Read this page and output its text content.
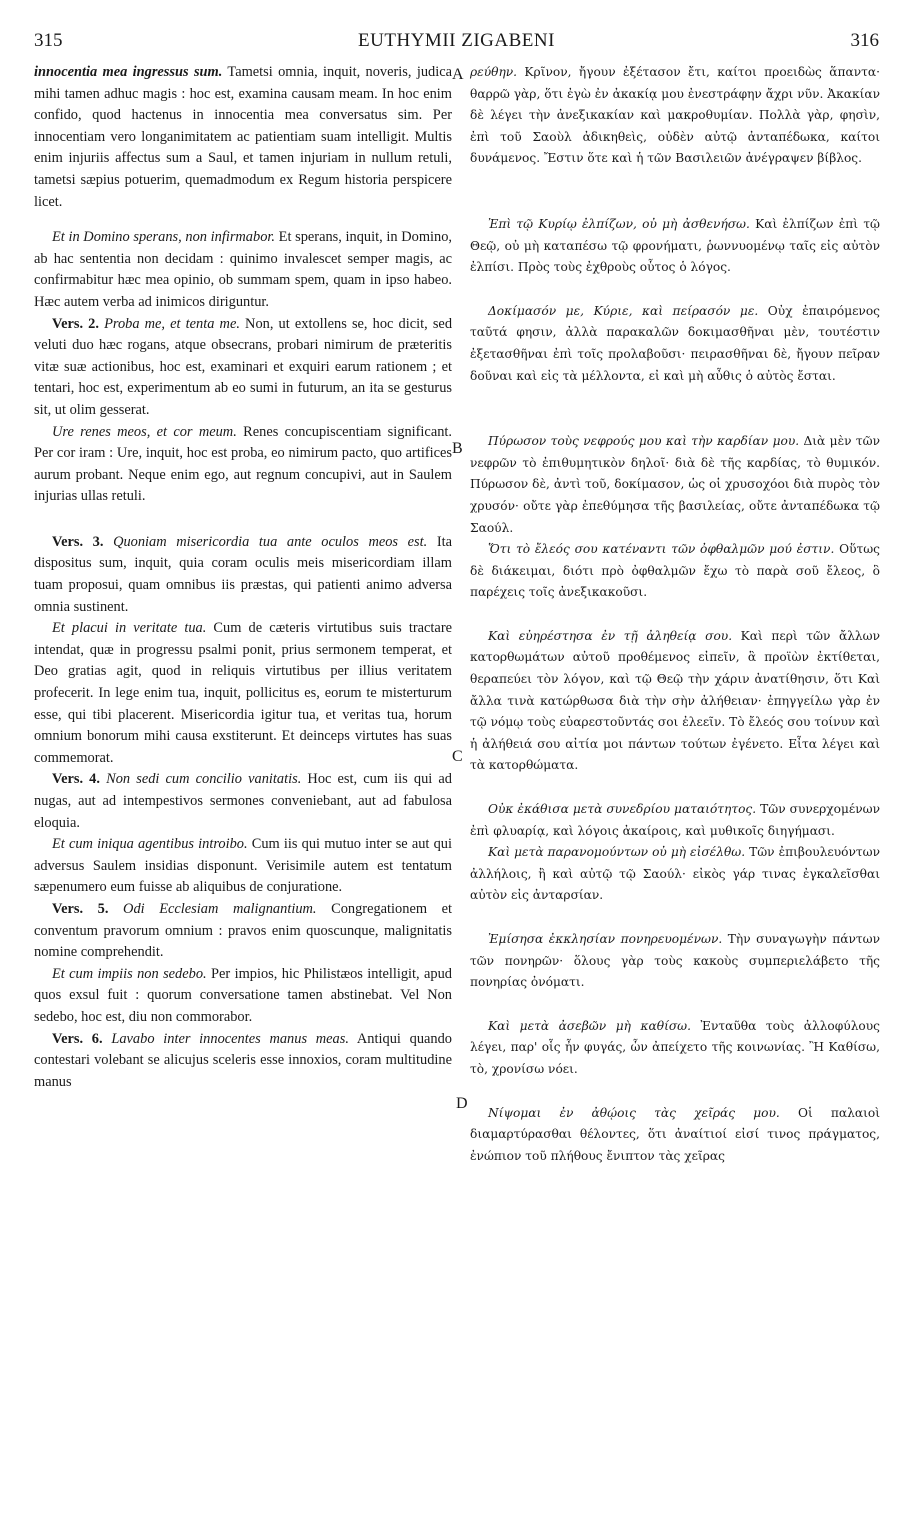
315	EUTHYMII ZIGABENI	316
A
B
C
D

innocentia mea ingressus sum. Tametsi omnia, inquit, noveris, judica mihi tamen adhuc magis : hoc est, examina causam meam. In hoc enim confido, quod hactenus in innocentia mea conversatus sim. Per innocentiam vero longanimitatem ac patientiam suam intelligit. Multis enim injuriis affectus sum a Saul, et tamen injuriam in nullum retuli, tametsi sæpius potuerim, quemadmodum ex Regum historia perspicere licet.

Et in Domino sperans, non infirmabor. Et sperans, inquit, in Domino, ab hac sententia non decidam : quinimo invalescet semper magis, ac confirmabitur hæc mea opinio, ob summam spem, quam in ipso habeo. Hæc autem verba ad inimicos diriguntur.

Vers. 2. Proba me, et tenta me. Non, ut extollens se, hoc dicit, sed veluti duo hæc rogans, atque obsecrans, probari nimirum de præteritis vitæ suæ actionibus, hoc est, examinari et exquiri earum rationem ; et tentari, hoc est, experimentum ab eo sumi in futurum, an ita se gesturus sit, ut olim gesserat.

Ure renes meos, et cor meum. Renes concupiscentiam significant. Per cor iram : Ure, inquit, hoc est proba, eo nimirum pacto, quo artifices aurum probant. Neque enim ego, aut regnum concupivi, aut in Saulem injurias ullas retuli.

Vers. 3. Quoniam misericordia tua ante oculos meos est. Ita dispositus sum, inquit, quia coram oculis meis misericordiam illam tuam proposui, quam omnibus iis præstas, qui patienti animo adversa omnia sustinent.

Et placui in veritate tua. Cum de cæteris virtutibus suis tractare intendat, quæ in progressu psalmi ponit, prius sermonem temperat, et Deo gratias agit, quod in reliquis virtutibus per illius veritatem profecerit. In lege enim tua, inquit, pollicitus es, eorum te misterturum esse, qui tibi placerent. Misericordia igitur tua, et veritas tua, horum omnium bonorum mihi causa exstiterunt. Et deinceps virtutes has suas commemorat.

Vers. 4. Non sedi cum concilio vanitatis. Hoc est, cum iis qui ad nugas, aut ad intempestivos sermones conveniebant, aut ad fabulosa eloquia.

Et cum iniqua agentibus introibo. Cum iis qui mutuo inter se aut qui adversus Saulem insidias disponunt. Verisimile autem est tentatum sæpenumero eum fuisse ab aliquibus de conjuratione.

Vers. 5. Odi Ecclesiam malignantium. Congregationem et conventum pravorum omnium : pravos enim quoscunque, malignitatis nomine comprehendit.

Et cum impiis non sedebo. Per impios, hic Philistæos intelligit, apud quos exsul fuit : quorum conversatione tamen abstinebat. Vel Non sedebo, hoc est, diu non commorabor.

Vers. 6. Lavabo inter innocentes manus meas. Antiqui quando contestari volebant se alicujus sceleris esse innoxios, coram multitudine manus

ρεύθην. Κρῖνον, ἤγουν ἐξέτασον ἔτι, καίτοι προειδὼς ἅπαντα· θαρρῶ γὰρ, ὅτι ἐγὼ ἐν ἀκακίᾳ μου ἐνεστράφην ἄχρι νῦν. Ἀκακίαν δὲ λέγει τὴν ἀνεξικακίαν καὶ μακροθυμίαν. Πολλὰ γὰρ, φησὶν, ἐπὶ τοῦ Σαοὺλ ἀδικηθεὶς, οὐδὲν αὐτῷ ἀνταπέδωκα, καίτοι δυνάμενος. Ἔστιν ὅτε καὶ ἡ τῶν Βασιλειῶν ἀνέγραψεν βίβλος.

Ἐπὶ τῷ Κυρίῳ ἐλπίζων, οὐ μὴ ἀσθενήσω. Καὶ ἐλπίζων ἐπὶ τῷ Θεῷ, οὐ μὴ καταπέσω τῷ φρονήματι, ῥωννυομένῳ ταῖς εἰς αὐτὸν ἐλπίσι. Πρὸς τοὺς ἐχθροὺς οὗτος ὁ λόγος.

Δοκίμασόν με, Κύριε, καὶ πείρασόν με. Οὐχ ἐπαιρόμενος ταῦτά φησιν, ἀλλὰ παρακαλῶν δοκιμασθῆναι μὲν, τουτέστιν ἐξετασθῆναι ἐπὶ τοῖς προλαβοῦσι· πειρασθῆναι δὲ, ἤγουν πεῖραν δοῦναι καὶ εἰς τὰ μέλλοντα, εἰ καὶ μὴ αὖθις ὁ αὐτὸς ἔσται.

Πύρωσον τοὺς νεφρούς μου καὶ τὴν καρδίαν μου. Διὰ μὲν τῶν νεφρῶν τὸ ἐπιθυμητικὸν δηλοῖ· διὰ δὲ τῆς καρδίας, τὸ θυμικόν. Πύρωσον δὲ, ἀντὶ τοῦ, δοκίμασον, ὡς οἱ χρυσοχόοι διὰ πυρὸς τὸν χρυσόν· οὔτε γὰρ ἐπεθύμησα τῆς βασιλείας, οὔτε ἀνταπέδωκα τῷ Σαούλ.

Ὅτι τὸ ἔλεός σου κατέναντι τῶν ὀφθαλμῶν μού ἐστιν. Οὕτως δὲ διάκειμαι, διότι πρὸ ὀφθαλμῶν ἔχω τὸ παρὰ σοῦ ἔλεος, ὃ παρέχεις τοῖς ἀνεξικακοῦσι.

Καὶ εὐηρέστησα ἐν τῇ ἀληθείᾳ σου. Καὶ περὶ τῶν ἄλλων κατορθωμάτων αὐτοῦ προθέμενος εἰπεῖν, ἃ προϊὼν ἐκτίθεται, θεραπεύει τὸν λόγον, καὶ τῷ Θεῷ τὴν χάριν ἀνατίθησιν, ὅτι Καὶ ἄλλα τινὰ κατώρθωσα διὰ τὴν σὴν ἀλήθειαν· ἐπηγγείλω γὰρ ἐν τῷ νόμῳ τοὺς εὐαρεστοῦντάς σοι ἐλεεῖν. Τὸ ἔλεός σου τοίνυν καὶ ἡ ἀλήθειά σου αἰτία μοι πάντων τούτων ἐγένετο. Εἶτα λέγει καὶ τὰ κατορθώματα.

Οὐκ ἐκάθισα μετὰ συνεδρίου ματαιότητος. Τῶν συνερχομένων ἐπὶ φλυαρίᾳ, καὶ λόγοις ἀκαίροις, καὶ μυθικοῖς διηγήμασι.

Καὶ μετὰ παρανομούντων οὐ μὴ εἰσέλθω. Τῶν ἐπιβουλευόντων ἀλλήλοις, ἢ καὶ αὐτῷ τῷ Σαούλ· εἰκὸς γάρ τινας ἐγκαλεῖσθαι αὐτὸν εἰς ἀνταρσίαν.

Ἐμίσησα ἐκκλησίαν πονηρευομένων. Τὴν συναγωγὴν πάντων τῶν πονηρῶν· ὅλους γὰρ τοὺς κακοὺς συμπεριελάβετο τῆς πονηρίας ὀνόματι.

Καὶ μετὰ ἀσεβῶν μὴ καθίσω. Ἐνταῦθα τοὺς ἀλλοφύλους λέγει, παρ' οἷς ἦν φυγάς, ὧν ἀπείχετο τῆς κοινωνίας. Ἢ Καθίσω, τὸ, χρονίσω νόει.

Νίψομαι ἐν ἀθῴοις τὰς χεῖράς μου. Οἱ παλαιοὶ διαμαρτύρασθαι θέλοντες, ὅτι ἀναίτιοί εἰσί τινος πράγματος, ἐνώπιον τοῦ πλήθους ἔνιπτον τὰς χεῖρας
